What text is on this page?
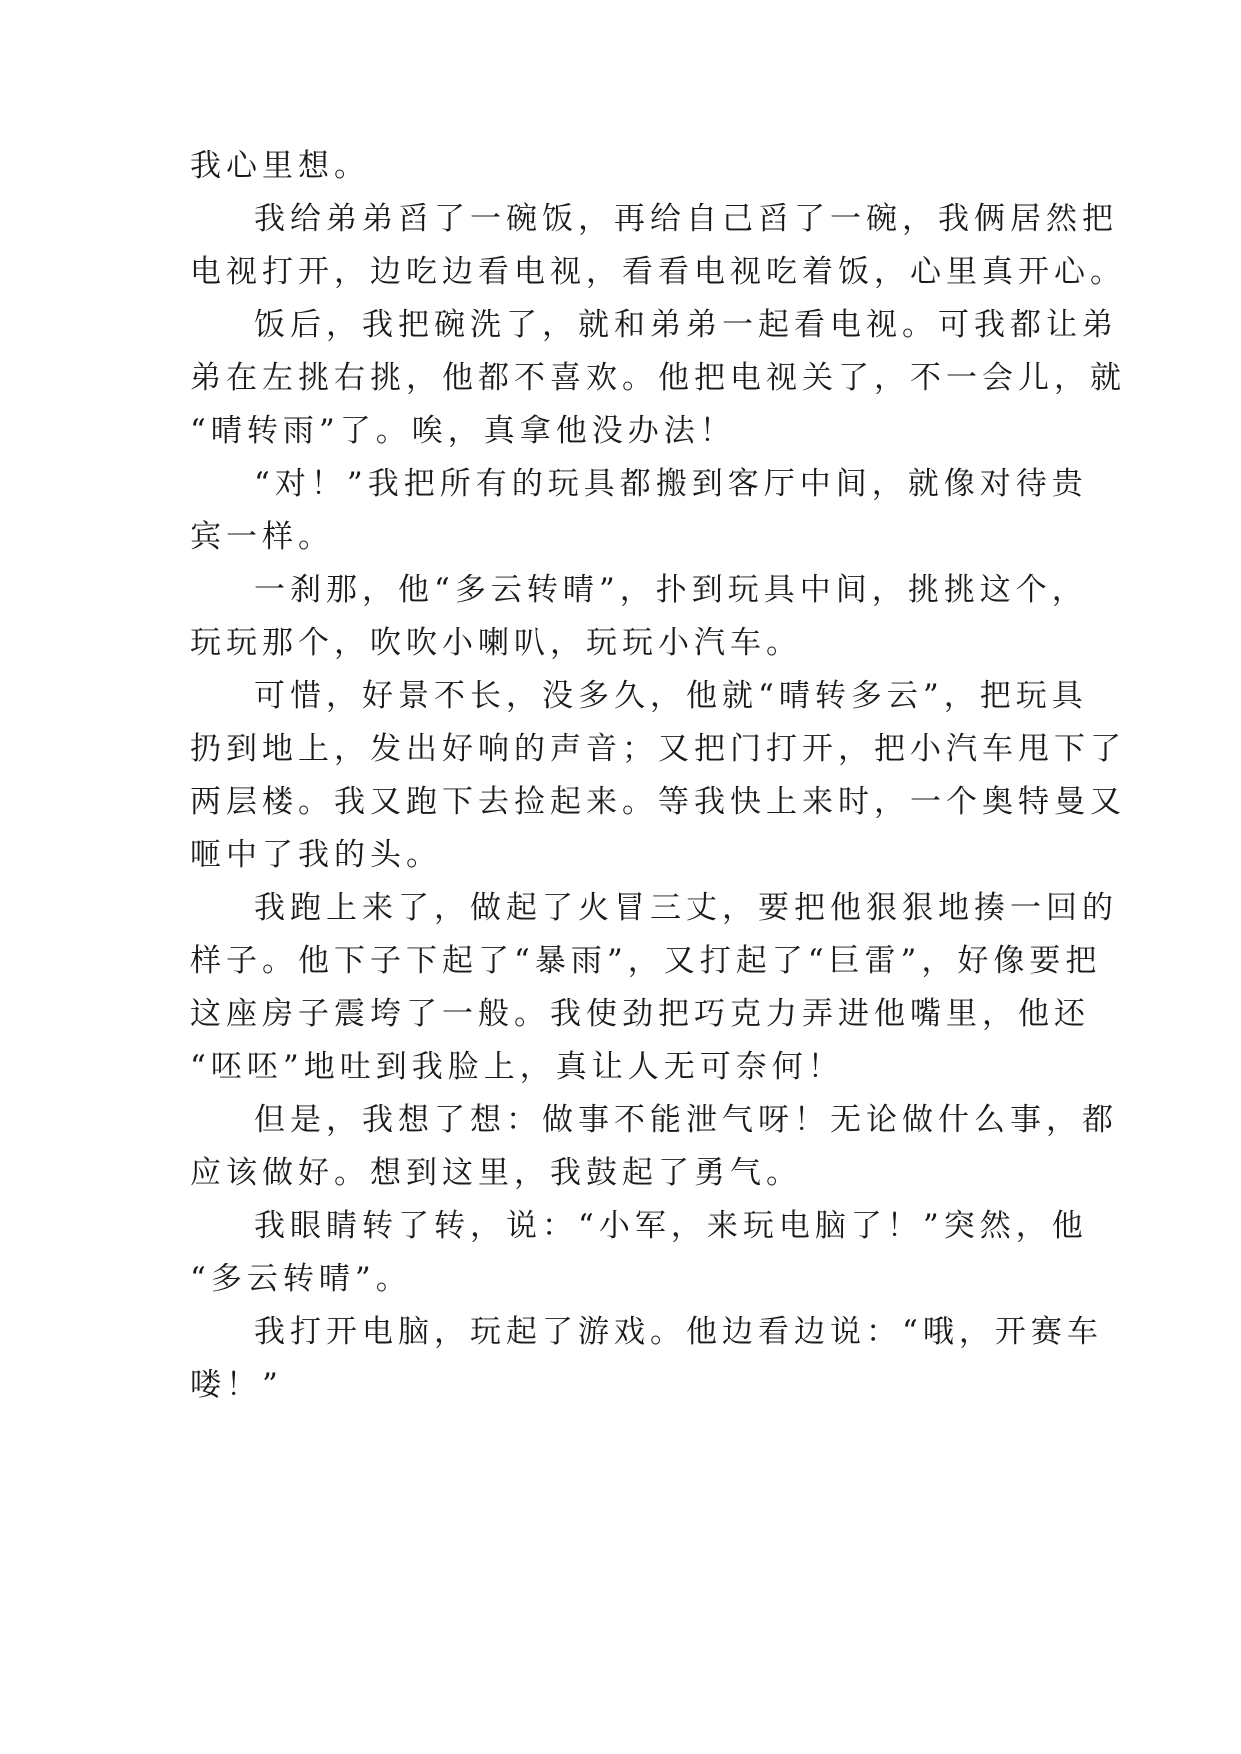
我心里想。
我给弟弟舀了一碗饭，再给自己舀了一碗，我俩居然把
电视打开，边吃边看电视，看看电视吃着饭，心里真开心。
饭后，我把碗洗了，就和弟弟一起看电视。可我都让弟
弟在左挑右挑，他都不喜欢。他把电视关了，不一会儿，就
“晴转雨”了。唉，真拿他没办法！
“对！”我把所有的玩具都搬到客厅中间，就像对待贵
宾一样。
一刹那，他“多云转晴”，扑到玩具中间，挑挑这个，
玩玩那个，吹吹小喇叭，玩玩小汽车。
可惜，好景不长，没多久，他就“晴转多云”，把玩具
扔到地上，发出好响的声音；又把门打开，把小汽车甩下了
两层楼。我又跑下去捡起来。等我快上来时，一个奥特曼又
咂中了我的头。
我跑上来了，做起了火冒三丈，要把他狠狠地揍一回的
样子。他下子下起了“暴雨”，又打起了“巨雷”，好像要把
这座房子震垮了一般。我使劲把巧克力弄进他嘴里，他还
“呸呸”地吐到我脸上，真让人无可奈何！
但是，我想了想：做事不能泄气呀！无论做什么事，都
应该做好。想到这里，我鼓起了勇气。
我眼睛转了转，说：“小军，来玩电脑了！”突然，他
“多云转晴”。
我打开电脑，玩起了游戏。他边看边说：“哦，开赛车
喽！”
